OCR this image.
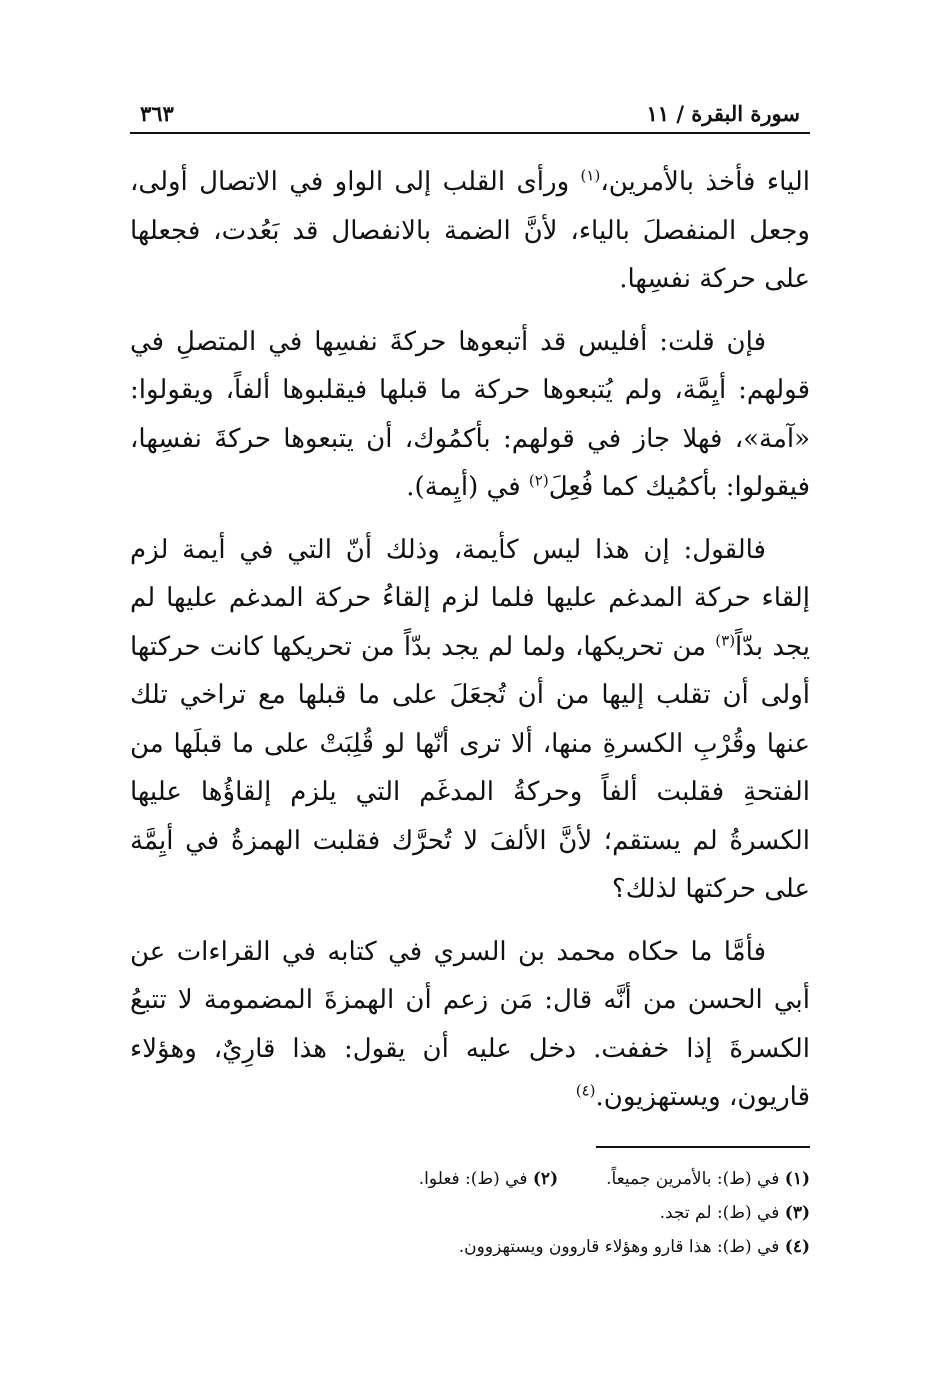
سورة البقرة / ١١
٣٦٣

الياء فأخذ بالأمرين،$^{(١)}$ ورأى القلب إلى الواو في الاتصال أولى، وجعل المنفصلَ بالياء، لأنَّ الضمة بالانفصال قد بَعُدت، فجعلها على حركة نفسِها.

فإن قلت: أفليس قد أتبعوها حركةَ نفسِها في المتصلِ في قولهم: أيِمَّة، ولم يُتبعوها حركة ما قبلها فيقلبوها ألفاً، ويقولوا: «آمة»، فهلا جاز في قولهم: بأكمُوك، أن يتبعوها حركةَ نفسِها، فيقولوا: بأكمُيك كما فُعِلَ$^{(٢)}$ في (أيِمة).

فالقول: إن هذا ليس كأيمة، وذلك أنّ التي في أيمة لزم إلقاء حركة المدغم عليها فلما لزم إلقاءُ حركة المدغم عليها لم يجد بدّاً$^{(٣)}$ من تحريكها، ولما لم يجد بدّاً من تحريكها كانت حركتها أولى أن تقلب إليها من أن تُجعَلَ على ما قبلها مع تراخي تلك عنها وقُرْبِ الكسرةِ منها، ألا ترى أنّها لو قُلِبَتْ على ما قبلَها من الفتحةِ فقلبت ألفاً وحركةُ المدغَم التي يلزم إلقاؤُها عليها الكسرةُ لم يستقم؛ لأنَّ الألفَ لا تُحرَّك فقلبت الهمزةُ في أيِمَّة على حركتها لذلك؟

فأمَّا ما حكاه محمد بن السري في كتابه في القراءات عن أبي الحسن من أنَّه قال: مَن زعم أن الهمزةَ المضمومة لا تتبعُ الكسرةَ إذا خففت. دخل عليه أن يقول: هذا قارِيٌ، وهؤلاء قاريون، ويستهزيون.$^{(٤)}$

(١) في (ط): بالأمرين جميعاً.
(٢) في (ط): فعلوا.
(٣) في (ط): لم تجد.
(٤) في (ط): هذا قارو وهؤلاء قاروون ويستهزوون.
